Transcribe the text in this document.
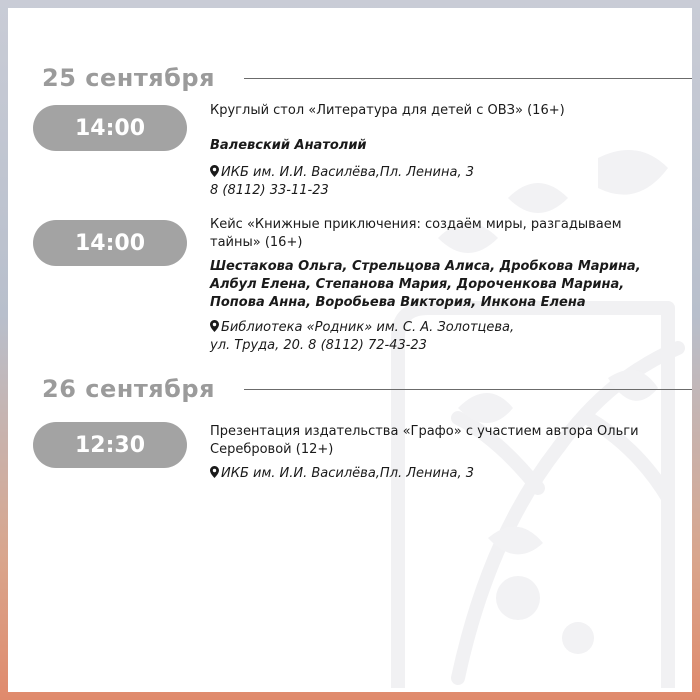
25 сентября
14:00
Круглый стол «Литература для детей с ОВЗ» (16+)
Валевский Анатолий
ИКБ им. И.И. Василёва,Пл. Ленина, 3
8 (8112) 33-11-23
14:00
Кейс «Книжные приключения: создаём миры, разгадываем
тайны» (16+)
Шестакова Ольга, Стрельцова Алиса, Дробкова Марина,
Албул Елена, Степанова Мария, Дороченкова Марина,
Попова Анна, Воробьева Виктория, Инкона Елена
Библиотека «Родник» им. С. А. Золотцева,
ул. Труда, 20. 8 (8112) 72-43-23
26 сентября
12:30
Презентация издательства «Графо» с участием автора Ольги
Серебровой (12+)
ИКБ им. И.И. Василёва,Пл. Ленина, 3
